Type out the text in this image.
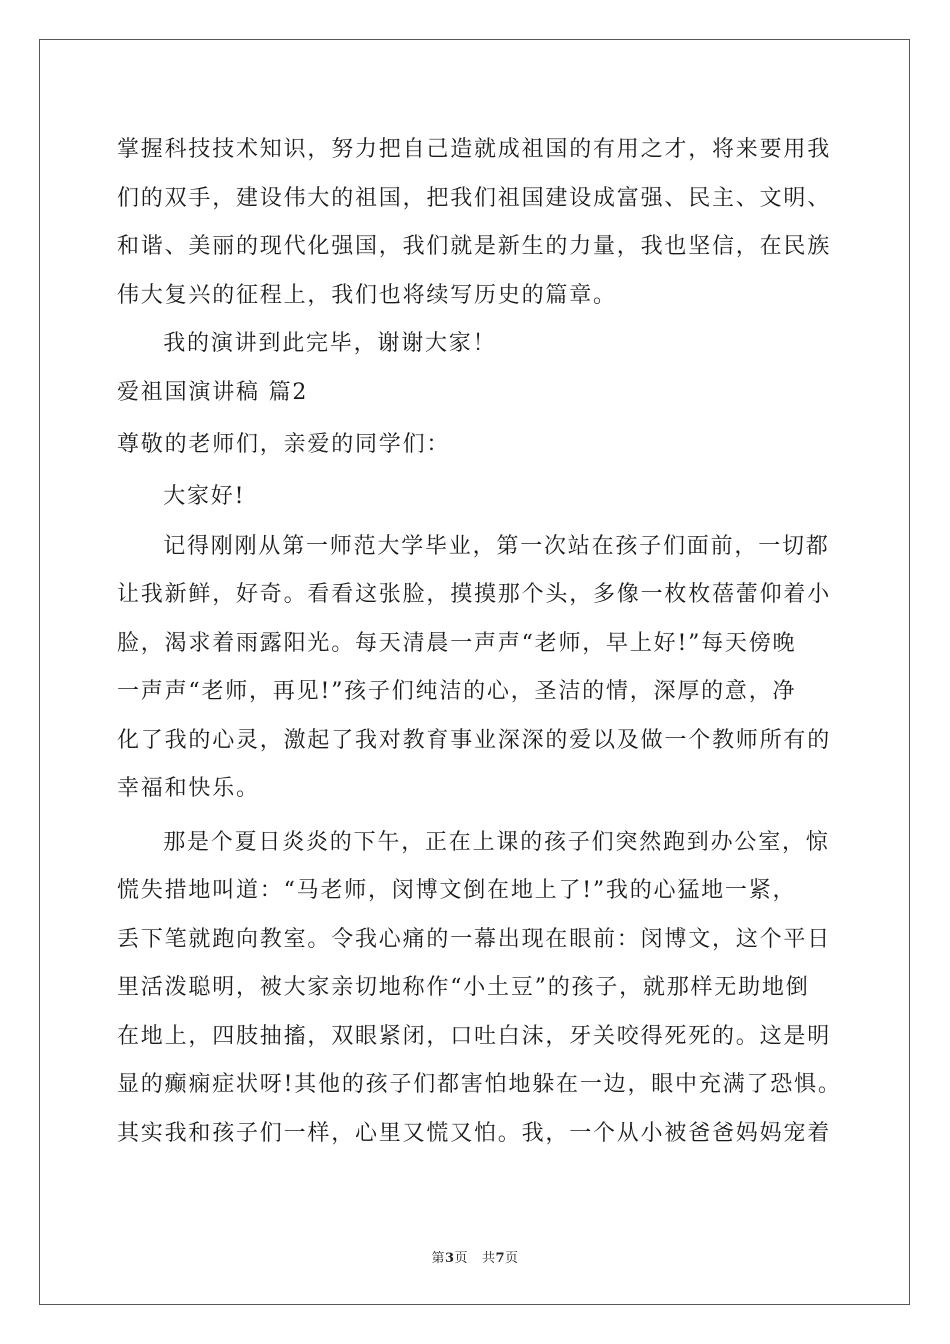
掌握科技技术知识，努力把自己造就成祖国的有用之才，将来要用我
们的双手，建设伟大的祖国，把我们祖国建设成富强、民主、文明、
和谐、美丽的现代化强国，我们就是新生的力量，我也坚信，在民族
伟大复兴的征程上，我们也将续写历史的篇章。

我的演讲到此完毕，谢谢大家！

爱祖国演讲稿 篇2

尊敬的老师们，亲爱的同学们：

大家好!

记得刚刚从第一师范大学毕业，第一次站在孩子们面前，一切都
让我新鲜，好奇。看看这张脸，摸摸那个头，多像一枚枚蓓蕾仰着小
脸，渴求着雨露阳光。每天清晨一声声“老师，早上好!”每天傍晚
一声声“老师，再见!”孩子们纯洁的心，圣洁的情，深厚的意，净
化了我的心灵，激起了我对教育事业深深的爱以及做一个教师所有的
幸福和快乐。
那是个夏日炎炎的下午，正在上课的孩子们突然跑到办公室，惊
慌失措地叫道：“马老师，闵博文倒在地上了!”我的心猛地一紧，
丢下笔就跑向教室。令我心痛的一幕出现在眼前：闵博文，这个平日
里活泼聪明，被大家亲切地称作“小土豆”的孩子，就那样无助地倒
在地上，四肢抽搐，双眼紧闭，口吐白沫，牙关咬得死死的。这是明
显的癫痫症状呀!其他的孩子们都害怕地躲在一边，眼中充满了恐惧。
其实我和孩子们一样，心里又慌又怕。我，一个从小被爸爸妈妈宠着
第3页 共7页
